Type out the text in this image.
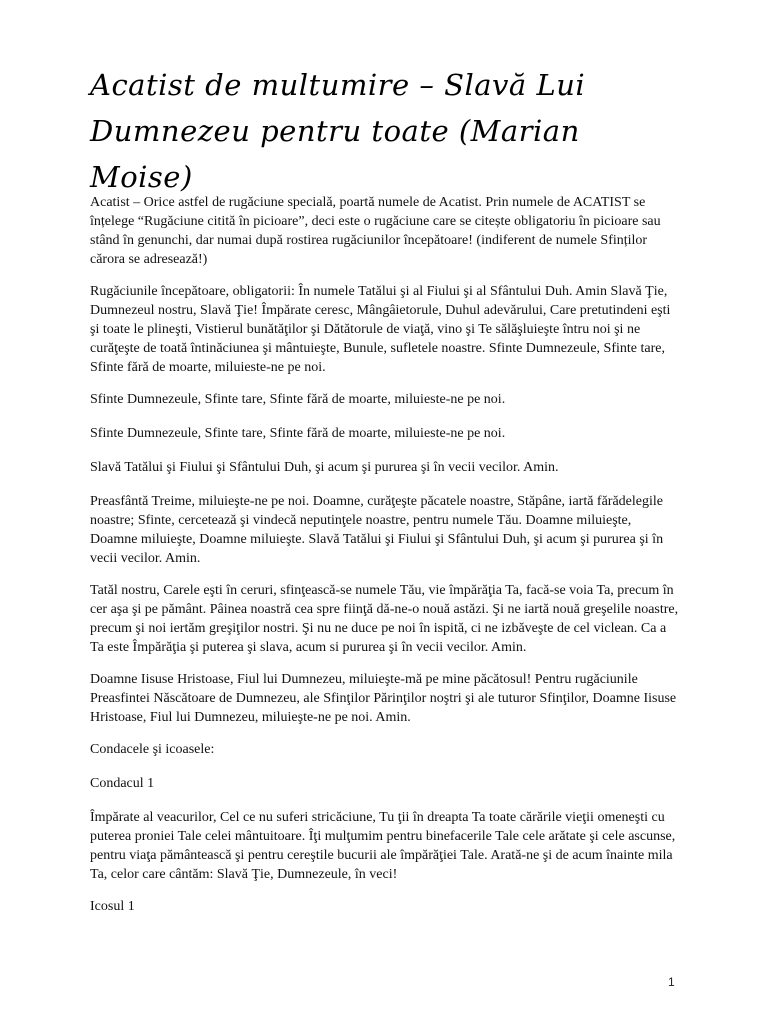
Acatist de multumire – Slavă Lui Dumnezeu pentru toate (Marian Moise)

Acatist – Orice astfel de rugăciune specială, poartă numele de Acatist. Prin numele de ACATIST se înțelege “Rugăciune citită în picioare”, deci este o rugăciune care se citește obligatoriu în picioare sau stând în genunchi, dar numai după rostirea rugăciunilor începătoare! (indiferent de numele Sfinților cărora se adresează!)

Rugăciunile începătoare, obligatorii: În numele Tatălui şi al Fiului şi al Sfântului Duh. Amin Slavă Ţie, Dumnezeul nostru, Slavă Ţie! Împărate ceresc, Mângâietorule, Duhul adevărului, Care pretutindeni eşti şi toate le plineşti, Vistierul bunătăţilor şi Dătătorule de viaţă, vino şi Te sălăşluieşte întru noi şi ne curăţeşte de toată întinăciunea şi mântuieşte, Bunule, sufletele noastre. Sfinte Dumnezeule, Sfinte tare, Sfinte fără de moarte, miluieste-ne pe noi.

Sfinte Dumnezeule, Sfinte tare, Sfinte fără de moarte, miluieste-ne pe noi.

Sfinte Dumnezeule, Sfinte tare, Sfinte fără de moarte, miluieste-ne pe noi.

Slavă Tatălui şi Fiului şi Sfântului Duh, şi acum şi pururea şi în vecii vecilor. Amin.

Preasfântă Treime, miluieşte-ne pe noi. Doamne, curăţeşte păcatele noastre, Stăpâne, iartă fărădelegile noastre; Sfinte, cercetează şi vindecă neputinţele noastre, pentru numele Tău. Doamne miluieşte, Doamne miluieşte, Doamne miluieşte. Slavă Tatălui şi Fiului şi Sfântului Duh, şi acum şi pururea şi în vecii vecilor. Amin.

Tatăl nostru, Carele eşti în ceruri, sfinţească-se numele Tău, vie împărăţia Ta, facă-se voia Ta, precum în cer aşa şi pe pământ. Pâinea noastră cea spre fiinţă dă-ne-o nouă astăzi. Şi ne iartă nouă greşelile noastre, precum şi noi iertăm greşiţilor nostri. Şi nu ne duce pe noi în ispită, ci ne izbăveşte de cel viclean. Ca a Ta este Împărăţia şi puterea şi slava, acum si pururea şi în vecii vecilor. Amin.

Doamne Iisuse Hristoase, Fiul lui Dumnezeu, miluieşte-mă pe mine păcătosul! Pentru rugăciunile Preasfintei Născătoare de Dumnezeu, ale Sfinţilor Părinţilor noştri şi ale tuturor Sfinţilor, Doamne Iisuse Hristoase, Fiul lui Dumnezeu, miluieşte-ne pe noi. Amin.

Condacele şi icoasele:

Condacul 1

Împărate al veacurilor, Cel ce nu suferi stricăciune, Tu ţii în dreapta Ta toate cărările vieţii omeneşti cu puterea proniei Tale celei mântuitoare. Îţi mulţumim pentru binefacerile Tale cele arătate şi cele ascunse, pentru viaţa pământească şi pentru cereştile bucurii ale împărăţiei Tale. Arată-ne şi de acum înainte mila Ta, celor care cântăm: Slavă Ţie, Dumnezeule, în veci!

Icosul 1

1
